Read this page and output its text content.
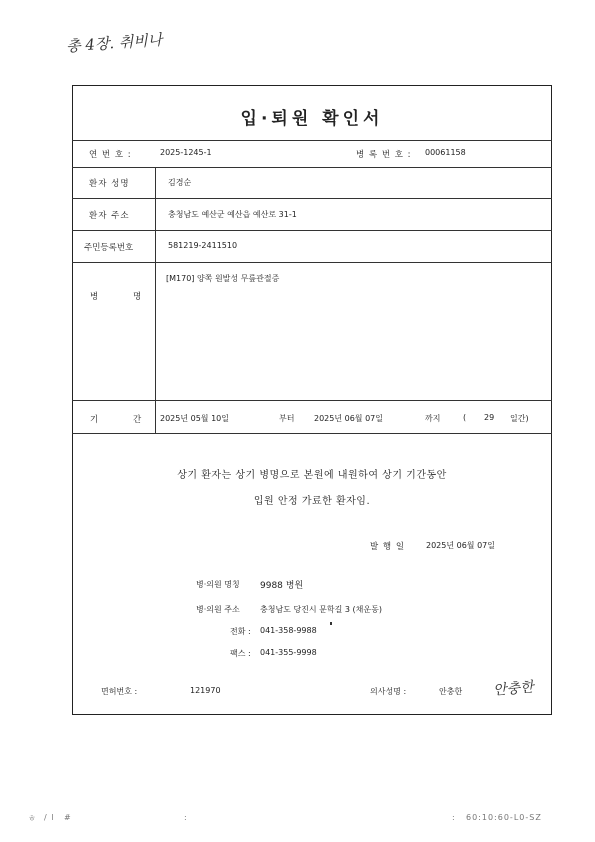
총 4장. 취비나
입·퇴원 확인서
연 번 호 :	2025-1245-1	병 록 번 호 : 00061158
환자 성명	김경순
환자 주소	충청남도 예산군 예산읍 예산로 31-1
주민등록번호	581219-2411510
병	명
[M170] 양쪽 원발성 무릎관절증
기	간 2025년 05월 10일	부터 2025년 06월 07일	까지	( 29 일간)
상기 환자는 상기 병명으로 본원에 내원하여 상기 기간동안
입원 안정 가료한 환자임.
발 행 일	2025년 06월 07일
병·의원 명칭 9988 병원
병·의원 주소	충청남도 당진시 문학길 3 (채운동)
전화 : 041-358-9988
팩스 : 041-355-9998
면허번호 :	121970	의사성명 :	안충한 안충한
ㅎ / l #	:	: 60:10:60-L0-SZ
